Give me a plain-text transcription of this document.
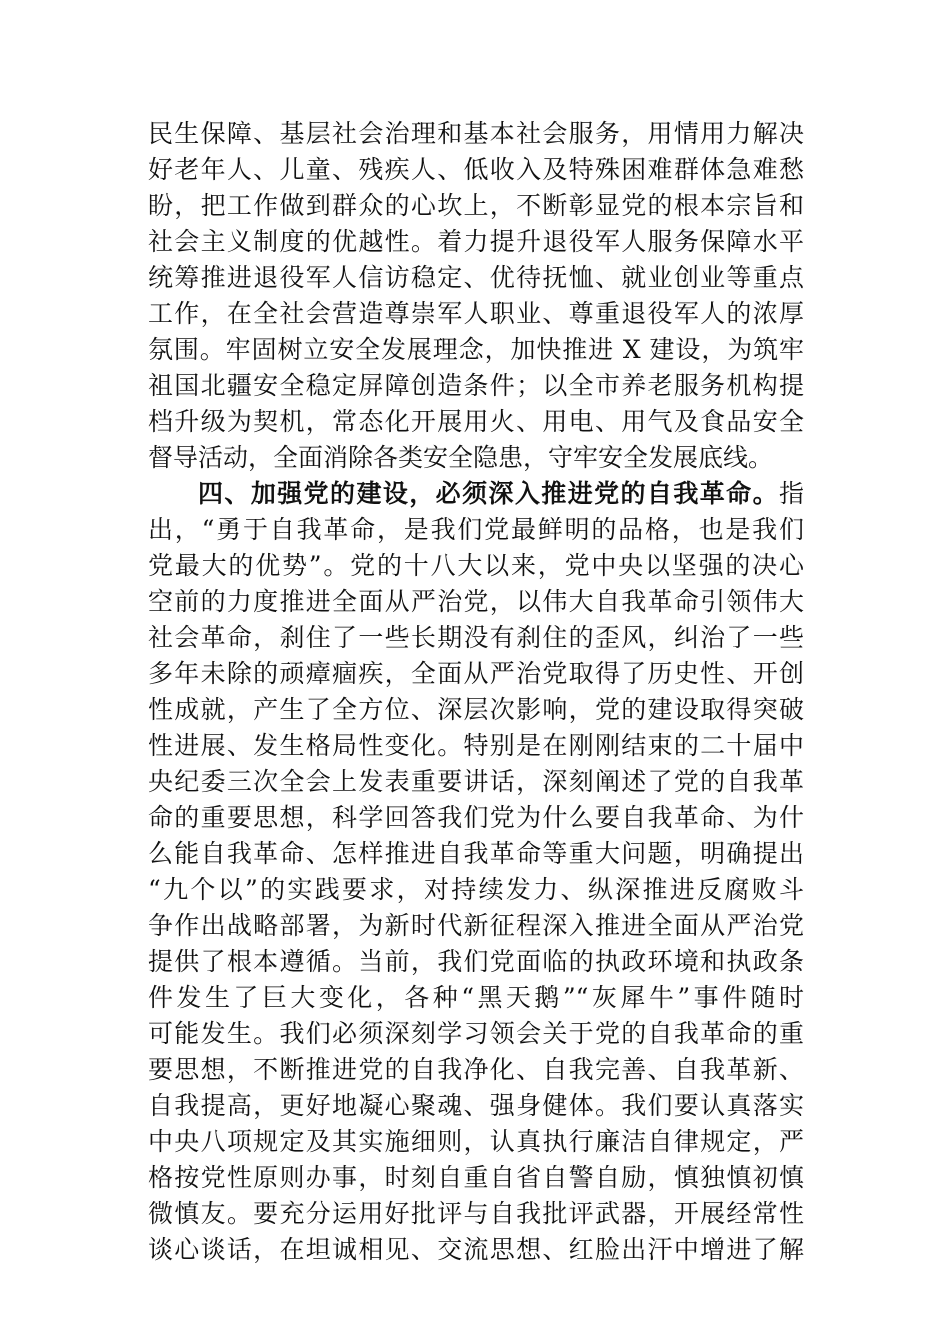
民生保障、基层社会治理和基本社会服务，用情用力解决
好老年人、儿童、残疾人、低收入及特殊困难群体急难愁
盼，把工作做到群众的心坎上，不断彰显党的根本宗旨和
社会主义制度的优越性。着力提升退役军人服务保障水平
统筹推进退役军人信访稳定、优待抚恤、就业创业等重点
工作，在全社会营造尊崇军人职业、尊重退役军人的浓厚
氛围。牢固树立安全发展理念，加快推进 X 建设，为筑牢
祖国北疆安全稳定屏障创造条件；以全市养老服务机构提
档升级为契机，常态化开展用火、用电、用气及食品安全
督导活动，全面消除各类安全隐患，守牢安全发展底线。
四、加强党的建设，必须深入推进党的自我革命。指
出，“勇于自我革命，是我们党最鲜明的品格，也是我们
党最大的优势”。党的十八大以来，党中央以坚强的决心
空前的力度推进全面从严治党，以伟大自我革命引领伟大
社会革命，刹住了一些长期没有刹住的歪风，纠治了一些
多年未除的顽瘴痼疾，全面从严治党取得了历史性、开创
性成就，产生了全方位、深层次影响，党的建设取得突破
性进展、发生格局性变化。特别是在刚刚结束的二十届中
央纪委三次全会上发表重要讲话，深刻阐述了党的自我革
命的重要思想，科学回答我们党为什么要自我革命、为什
么能自我革命、怎样推进自我革命等重大问题，明确提出
“九个以”的实践要求，对持续发力、纵深推进反腐败斗
争作出战略部署，为新时代新征程深入推进全面从严治党
提供了根本遵循。当前，我们党面临的执政环境和执政条
件发生了巨大变化，各种“黑天鹅”“灰犀牛”事件随时
可能发生。我们必须深刻学习领会关于党的自我革命的重
要思想，不断推进党的自我净化、自我完善、自我革新、
自我提高，更好地凝心聚魂、强身健体。我们要认真落实
中央八项规定及其实施细则，认真执行廉洁自律规定，严
格按党性原则办事，时刻自重自省自警自励，慎独慎初慎
微慎友。要充分运用好批评与自我批评武器，开展经常性
谈心谈话，在坦诚相见、交流思想、红脸出汗中增进了解
